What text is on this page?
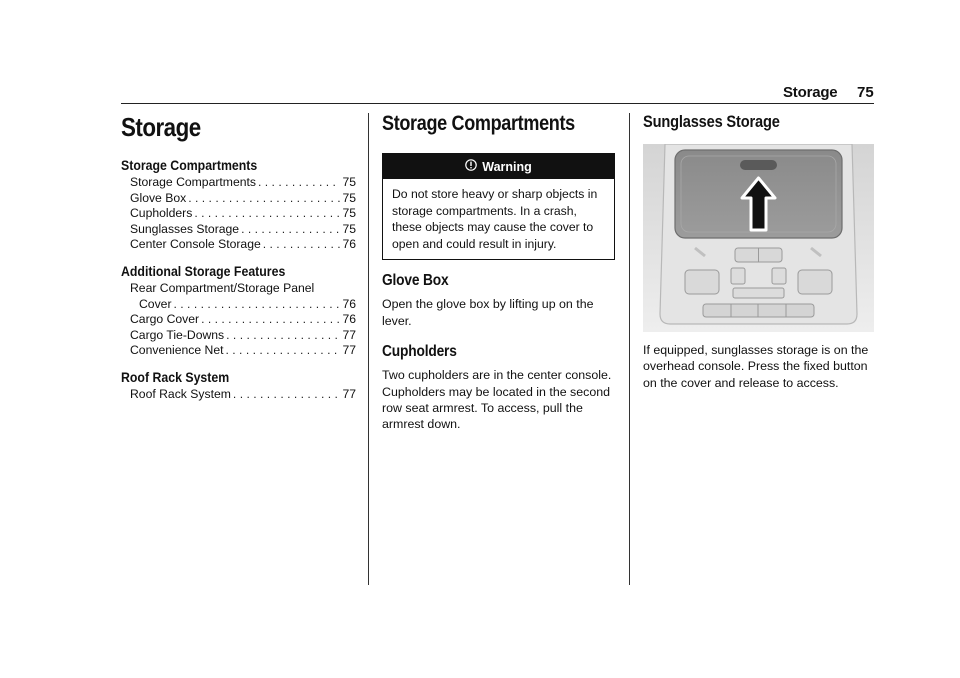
Storage 75
Storage
Storage Compartments
Storage Compartments . . .	75
Glove Box . . .	75
Cupholders . . .	75
Sunglasses Storage . . .	75
Center Console Storage . . .	76
Additional Storage Features
Rear Compartment/Storage Panel
Cover . . .	76
Cargo Cover . . .	76
Cargo Tie-Downs . . .	77
Convenience Net . . .	77
Roof Rack System
Roof Rack System . . .	77
Storage Compartments
Warning
Do not store heavy or sharp objects in storage compartments. In a crash, these objects may cause the cover to open and could result in injury.
Glove Box

Open the glove box by lifting up on the lever.

Cupholders

Two cupholders are in the center console. Cupholders may be located in the second row seat armrest. To access, pull the armrest down.

Sunglasses Storage

If equipped, sunglasses storage is on the overhead console. Press the fixed button on the cover and release to access.
